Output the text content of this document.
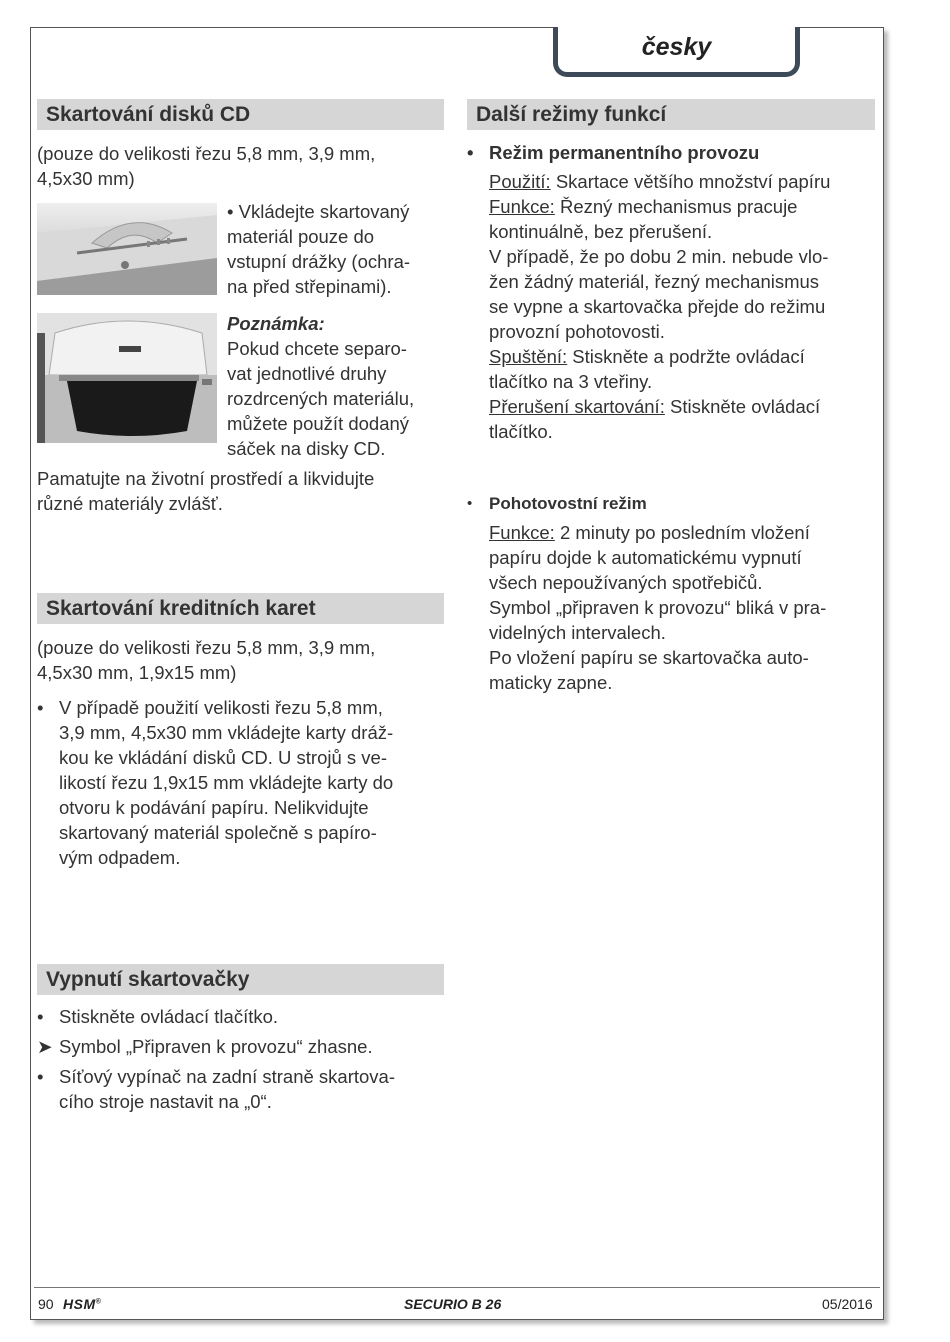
česky
Skartování disků CD

(pouze do velikosti řezu 5,8 mm, 3,9 mm,

4,5x30 mm)

• Vkládejte skartovaný

materiál pouze do

vstupní drážky (ochra-

na před střepinami).

Poznámka:

Pokud chcete separo-

vat jednotlivé druhy

rozdrcených materiálu,

můžete použít dodaný

sáček na disky CD.

Pamatujte na životní prostředí a likvidujte

různé materiály zvlášť.

Skartování kreditních karet

(pouze do velikosti řezu 5,8 mm, 3,9 mm,

4,5x30 mm, 1,9x15 mm)

• V případě použití velikosti řezu 5,8 mm,

3,9 mm, 4,5x30 mm vkládejte karty dráž-

kou ke vkládání disků CD. U strojů s ve-

likostí řezu 1,9x15 mm vkládejte karty do

otvoru k podávání papíru. Nelikvidujte

skartovaný materiál společně s papíro-

vým odpadem.

Vypnutí skartovačky
• Stiskněte ovládací tlačítko.

➤ Symbol „Připraven k provozu“ zhasne.

• Síťový vypínač na zadní straně skartova-

cího stroje nastavit na „0“.

Další režimy funkcí
• Režim permanentního provozu

Použití: Skartace většího množství papíru

Funkce: Řezný mechanismus pracuje

kontinuálně, bez přerušení.

V případě, že po dobu 2 min. nebude vlo-

žen žádný materiál, řezný mechanismus

se vypne a skartovačka přejde do režimu

provozní pohotovosti.

Spuštění: Stiskněte a podržte ovládací

tlačítko na 3 vteřiny.

Přerušení skartování: Stiskněte ovládací

tlačítko.

• Pohotovostní režim

Funkce: 2 minuty po posledním vložení

papíru dojde k automatickému vypnutí

všech nepoužívaných spotřebičů.

Symbol „připraven k provozu“ bliká v pra-

videlných intervalech.

Po vložení papíru se skartovačka auto-

maticky zapne.

90 HSM®	SECURIO B 26	05/2016
